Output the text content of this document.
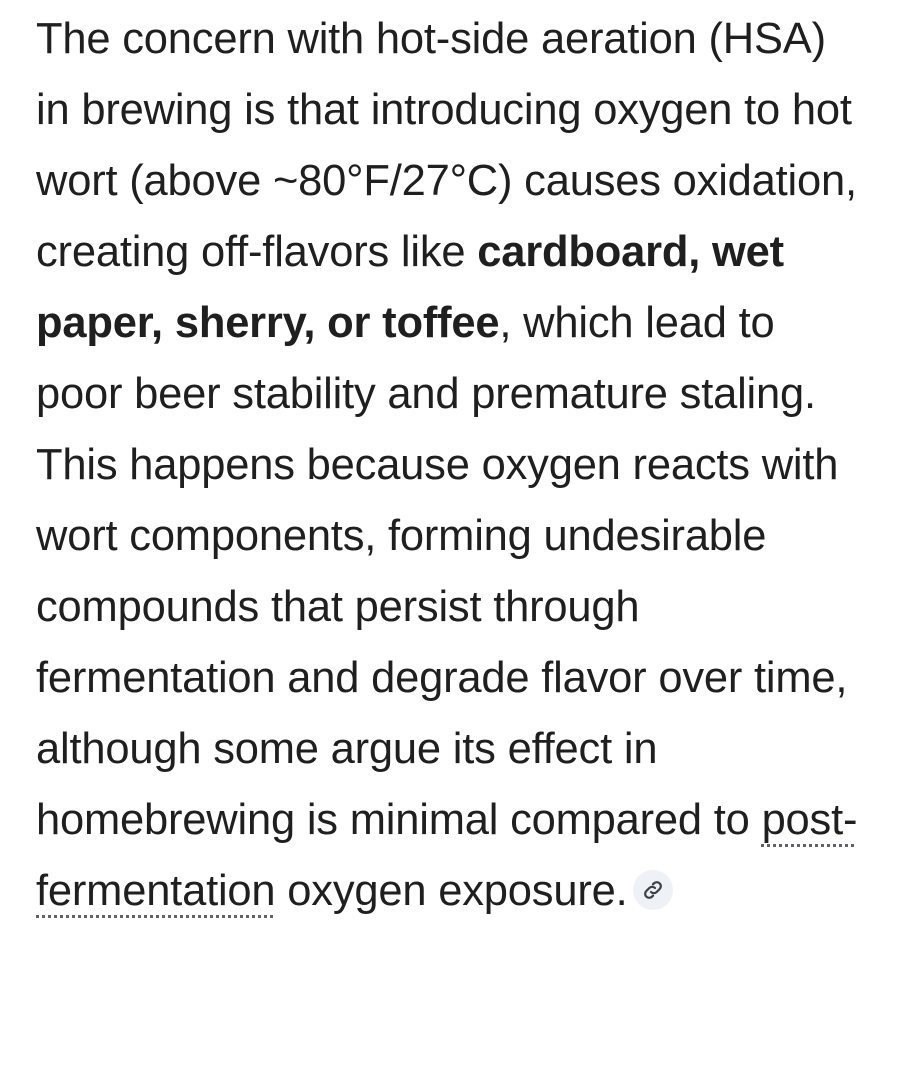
The concern with hot-side aeration (HSA) in brewing is that introducing oxygen to hot wort (above ~80°F/27°C) causes oxidation, creating off-flavors like cardboard, wet paper, sherry, or toffee, which lead to poor beer stability and premature staling. This happens because oxygen reacts with wort components, forming undesirable compounds that persist through fermentation and degrade flavor over time, although some argue its effect in homebrewing is minimal compared to post-fermentation oxygen exposure.
